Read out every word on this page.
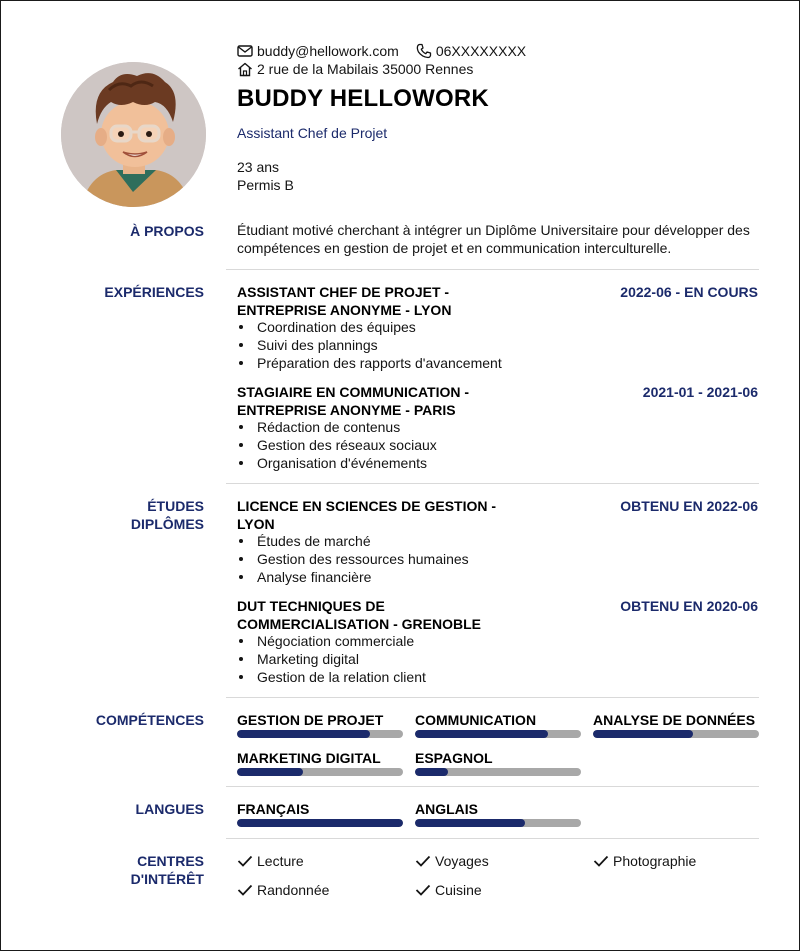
buddy@hellowork.com	06XXXXXXXX
2 rue de la Mabilais 35000 Rennes
BUDDY HELLOWORK
Assistant Chef de Projet
23 ans
Permis B
À PROPOS Étudiant motivé cherchant à intégrer un Diplôme Universitaire pour développer des compétences en gestion de projet et en communication interculturelle.
EXPÉRIENCES ASSISTANT CHEF DE PROJET - ENTREPRISE ANONYME - LYON
2022-06 - EN COURS
Coordination des équipes
Suivi des plannings
Préparation des rapports d'avancement
STAGIAIRE EN COMMUNICATION - ENTREPRISE ANONYME - PARIS
2021-01 - 2021-06
Rédaction de contenus
Gestion des réseaux sociaux
Organisation d'événements
ÉTUDES
DIPLÔMES
LICENCE EN SCIENCES DE GESTION - LYON
OBTENU EN 2022-06
Études de marché
Gestion des ressources humaines
Analyse financière
DUT TECHNIQUES DE COMMERCIALISATION - GRENOBLE
OBTENU EN 2020-06
Négociation commerciale
Marketing digital
Gestion de la relation client
COMPÉTENCES GESTION DE PROJET	COMMUNICATION	ANALYSE DE DONNÉES
MARKETING DIGITAL	ESPAGNOL
LANGUES FRANÇAIS	ANGLAIS
CENTRES
D'INTÉRÊT
Lecture	Voyages	Photographie
Randonnée	Cuisine
